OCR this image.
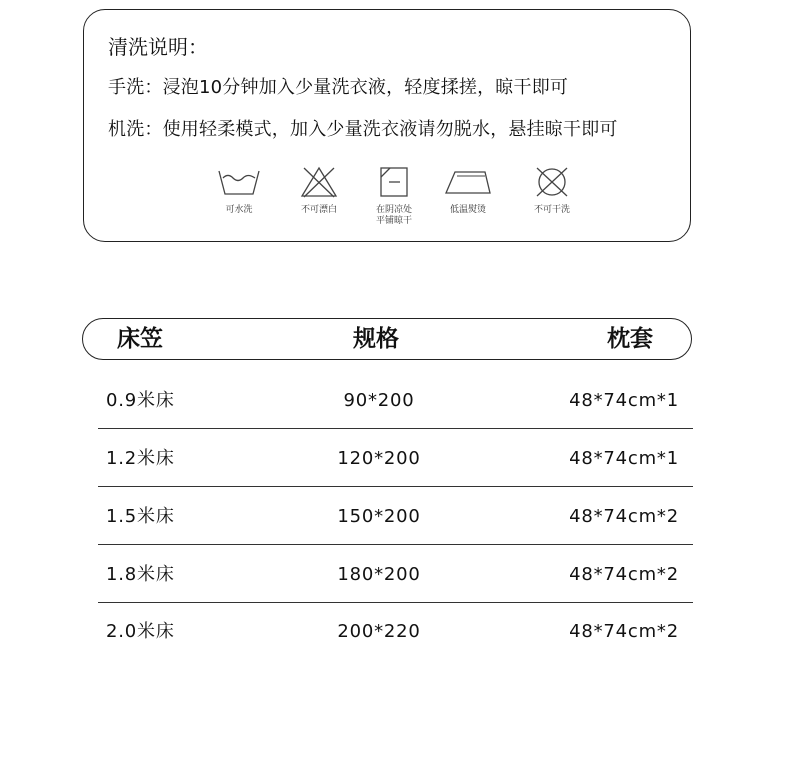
清洗说明：
手洗：浸泡10分钟加入少量洗衣液，轻度揉搓，晾干即可
机洗：使用轻柔模式，加入少量洗衣液请勿脱水，悬挂晾干即可
可水洗	不可漂白	在阴凉处
平铺晾干
低温熨烫	不可干洗
床笠	规格	枕套
0.9米床	90*200	48*74cm*1
1.2米床	120*200	48*74cm*1
1.5米床	150*200	48*74cm*2
1.8米床	180*200	48*74cm*2
2.0米床	200*220	48*74cm*2
